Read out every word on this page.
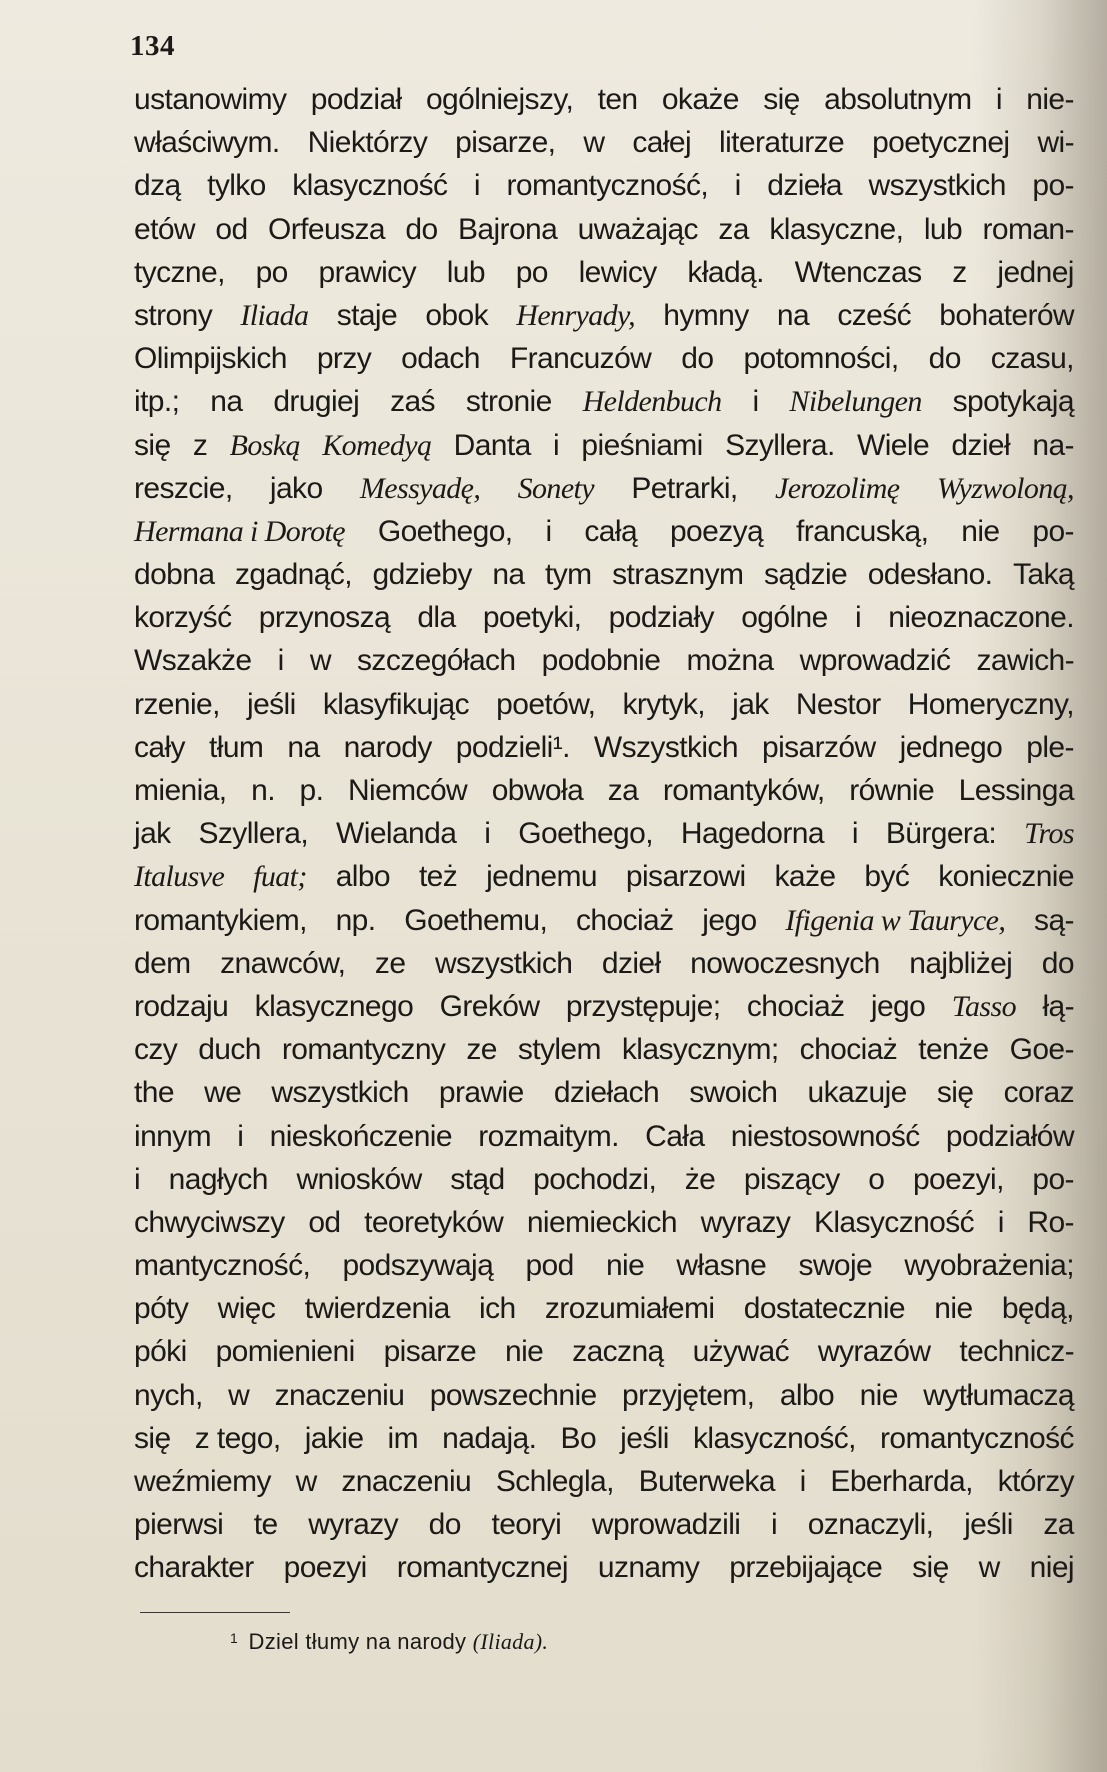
134
ustanowimy podział ogólniejszy, ten okaże się absolutnym i nie-
właściwym. Niektórzy pisarze, w całej literaturze poetycznej wi-
dzą tylko klasyczność i romantyczność, i dzieła wszystkich po-
etów od Orfeusza do Bajrona uważając za klasyczne, lub roman-
tyczne, po prawicy lub po lewicy kładą. Wtenczas z jednej
strony Iliada staje obok Henryady, hymny na cześć bohaterów
Olimpijskich przy odach Francuzów do potomności, do czasu,
itp.; na drugiej zaś stronie Heldenbuch i Nibelungen spotykają
się z Boską Komedyą Danta i pieśniami Szyllera. Wiele dzieł na-
reszcie, jako Messyadę, Sonety Petrarki, Jerozolimę Wyzwoloną,
Hermana i Dorotę Goethego, i całą poezyą francuską, nie po-
dobna zgadnąć, gdzieby na tym strasznym sądzie odesłano. Taką
korzyść przynoszą dla poetyki, podziały ogólne i nieoznaczone.
Wszakże i w szczegółach podobnie można wprowadzić zawich-
rzenie, jeśli klasyfikując poetów, krytyk, jak Nestor Homeryczny,
cały tłum na narody podzieli¹. Wszystkich pisarzów jednego ple-
mienia, n. p. Niemców obwoła za romantyków, równie Lessinga
jak Szyllera, Wielanda i Goethego, Hagedorna i Bürgera: Tros
Italusve fuat; albo też jednemu pisarzowi każe być koniecznie
romantykiem, np. Goethemu, chociaż jego Ifigenia w Tauryce, są-
dem znawców, ze wszystkich dzieł nowoczesnych najbliżej do
rodzaju klasycznego Greków przystępuje; chociaż jego Tasso łą-
czy duch romantyczny ze stylem klasycznym; chociaż tenże Goe-
the we wszystkich prawie dziełach swoich ukazuje się coraz
innym i nieskończenie rozmaitym. Cała niestosowność podziałów
i nagłych wniosków stąd pochodzi, że piszący o poezyi, po-
chwyciwszy od teoretyków niemieckich wyrazy Klasyczność i Ro-
mantyczność, podszywają pod nie własne swoje wyobrażenia;
póty więc twierdzenia ich zrozumiałemi dostatecznie nie będą,
póki pomienieni pisarze nie zaczną używać wyrazów technicz-
nych, w znaczeniu powszechnie przyjętem, albo nie wytłumaczą
się z tego, jakie im nadają. Bo jeśli klasyczność, romantyczność
weźmiemy w znaczeniu Schlegla, Buterweka i Eberharda, którzy
pierwsi te wyrazy do teoryi wprowadzili i oznaczyli, jeśli za
charakter poezyi romantycznej uznamy przebijające się w niej
$^1$ Dziel tłumy na narody (Iliada).
